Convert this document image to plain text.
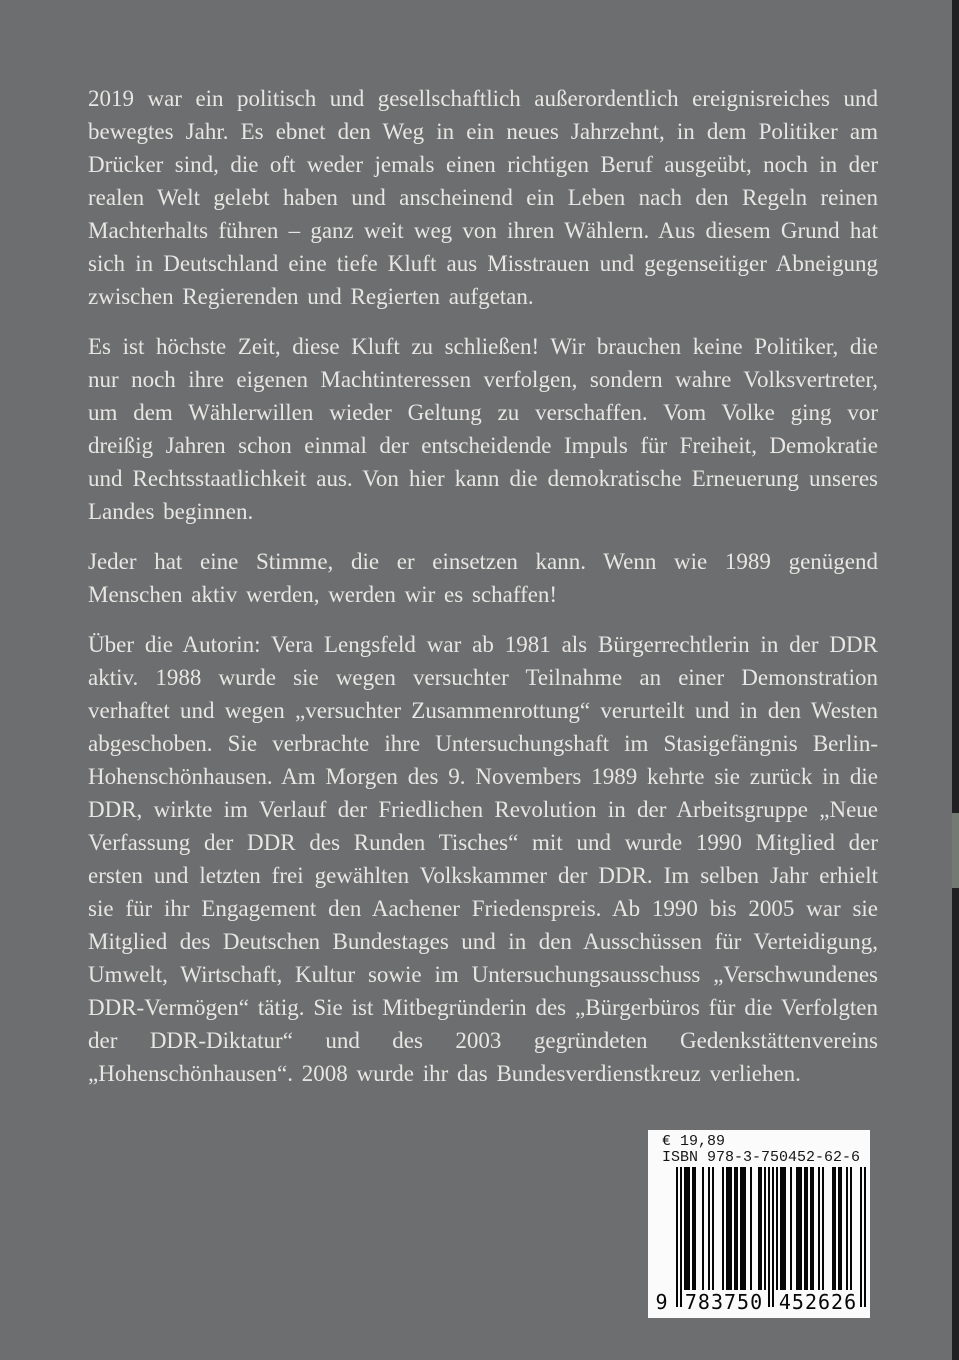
2019 war ein politisch und gesellschaftlich außerordentlich ereignisreiches und bewegtes Jahr. Es ebnet den Weg in ein neues Jahrzehnt, in dem Politiker am Drücker sind, die oft weder jemals einen richtigen Beruf ausgeübt, noch in der realen Welt gelebt haben und anscheinend ein Leben nach den Regeln reinen Machterhalts führen – ganz weit weg von ihren Wählern. Aus diesem Grund hat sich in Deutschland eine tiefe Kluft aus Misstrauen und gegenseitiger Abneigung zwischen Regierenden und Regierten aufgetan.

Es ist höchste Zeit, diese Kluft zu schließen! Wir brauchen keine Politiker, die nur noch ihre eigenen Machtinteressen verfolgen, sondern wahre Volksvertreter, um dem Wählerwillen wieder Geltung zu verschaffen. Vom Volke ging vor dreißig Jahren schon einmal der entscheidende Impuls für Freiheit, Demokratie und Rechtsstaatlichkeit aus. Von hier kann die demokratische Erneuerung unseres Landes beginnen.

Jeder hat eine Stimme, die er einsetzen kann. Wenn wie 1989 genügend Menschen aktiv werden, werden wir es schaffen!

Über die Autorin: Vera Lengsfeld war ab 1981 als Bürgerrechtlerin in der DDR aktiv. 1988 wurde sie wegen versuchter Teilnahme an einer Demonstration verhaftet und wegen „versuchter Zusammenrottung“ verurteilt und in den Westen abgeschoben. Sie verbrachte ihre Untersuchungshaft im Stasigefängnis Berlin-Hohenschönhausen. Am Morgen des 9. Novembers 1989 kehrte sie zurück in die DDR, wirkte im Verlauf der Friedlichen Revolution in der Arbeitsgruppe „Neue Verfassung der DDR des Runden Tisches“ mit und wurde 1990 Mitglied der ersten und letzten frei gewählten Volkskammer der DDR. Im selben Jahr erhielt sie für ihr Engagement den Aachener Friedenspreis. Ab 1990 bis 2005 war sie Mitglied des Deutschen Bundestages und in den Ausschüssen für Verteidigung, Umwelt, Wirtschaft, Kultur sowie im Untersuchungsausschuss „Verschwundenes DDR-Vermögen“ tätig. Sie ist Mitbegründerin des „Bürgerbüros für die Verfolgten der DDR-Diktatur“ und des 2003 gegründeten Gedenkstättenvereins „Hohenschönhausen“. 2008 wurde ihr das Bundesverdienstkreuz verliehen.

€ 19,89
ISBN 978-3-750452-62-6
9 783750 452626
